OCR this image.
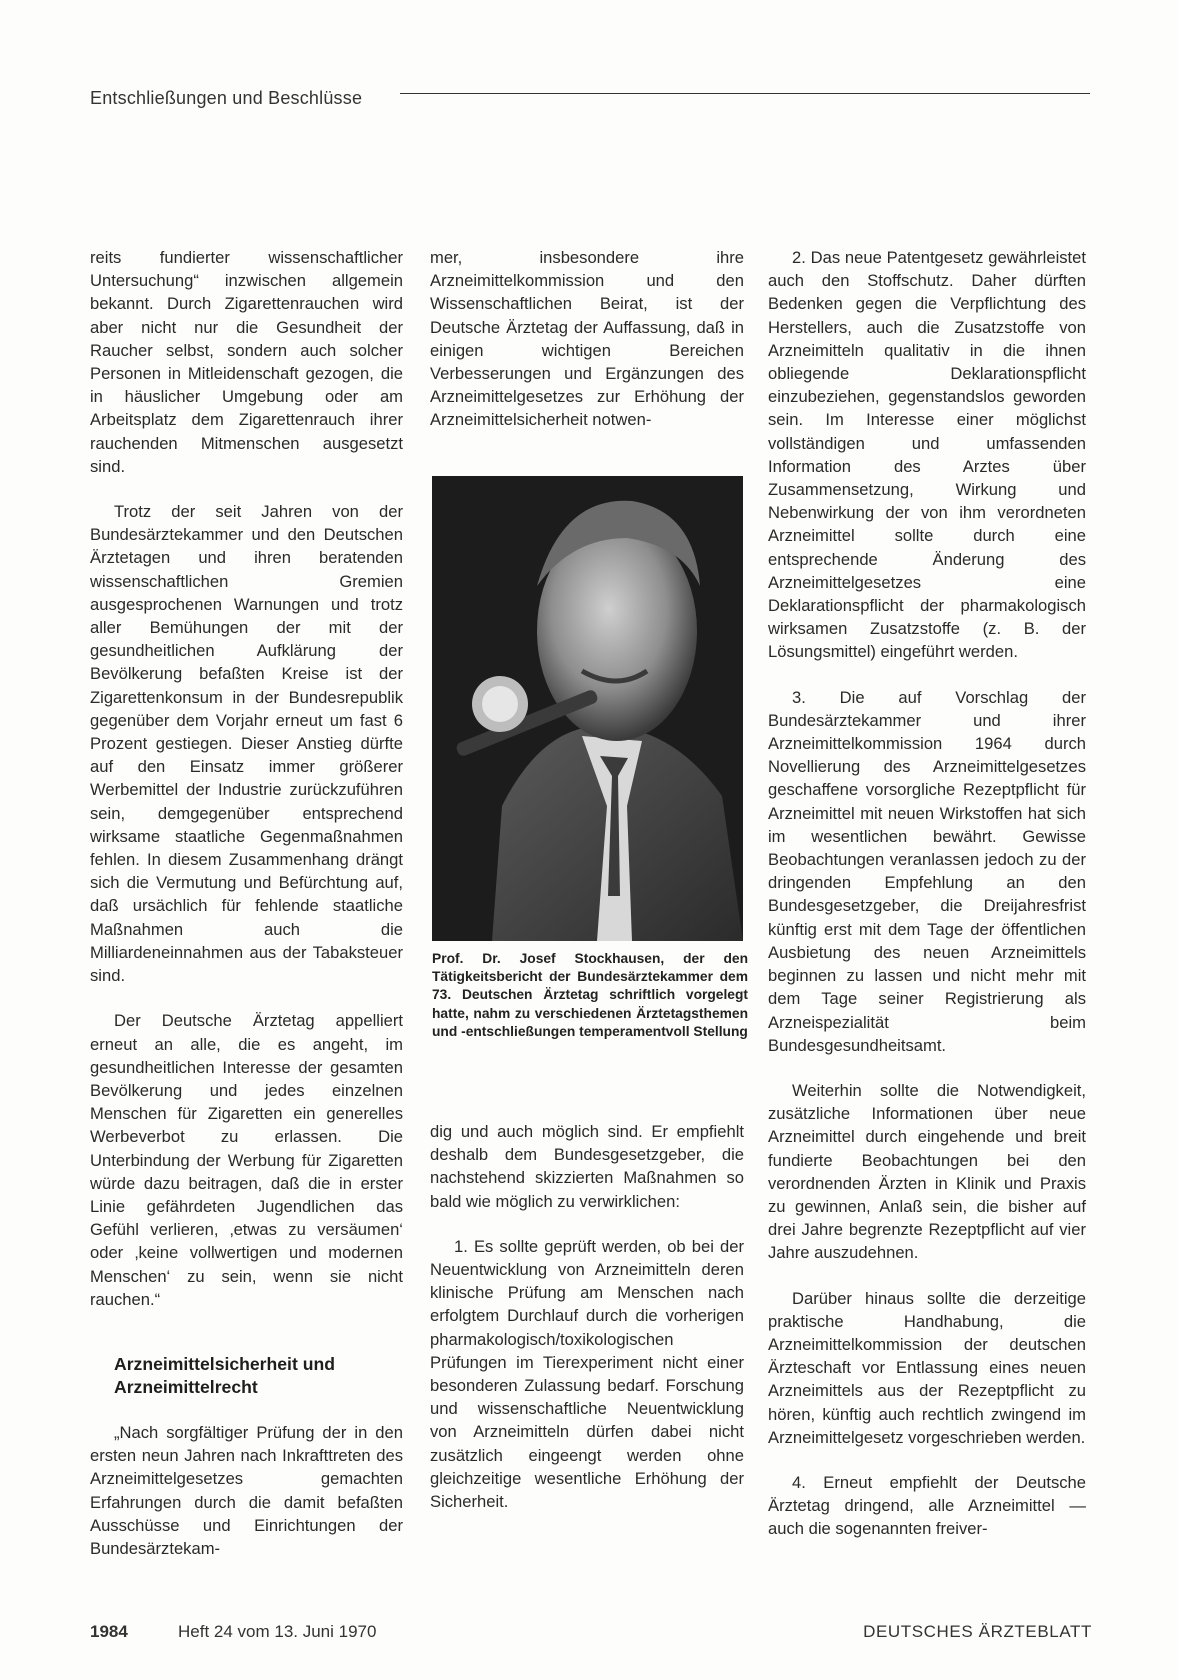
Entschließungen und Beschlüsse

reits fundierter wissenschaftlicher Untersuchung“ inzwischen allgemein bekannt. Durch Zigarettenrauchen wird aber nicht nur die Gesundheit der Raucher selbst, sondern auch solcher Personen in Mitleidenschaft gezogen, die in häuslicher Umgebung oder am Arbeitsplatz dem Zigarettenrauch ihrer rauchenden Mitmenschen ausgesetzt sind.

Trotz der seit Jahren von der Bundesärztekammer und den Deutschen Ärztetagen und ihren beratenden wissenschaftlichen Gremien ausgesprochenen Warnungen und trotz aller Bemühungen der mit der gesundheitlichen Aufklärung der Bevölkerung befaßten Kreise ist der Zigarettenkonsum in der Bundesrepublik gegenüber dem Vorjahr erneut um fast 6 Prozent gestiegen. Dieser Anstieg dürfte auf den Einsatz immer größerer Werbemittel der Industrie zurückzuführen sein, demgegenüber entsprechend wirksame staatliche Gegenmaßnahmen fehlen. In diesem Zusammenhang drängt sich die Vermutung und Befürchtung auf, daß ursächlich für fehlende staatliche Maßnahmen auch die Milliardeneinnahmen aus der Tabaksteuer sind.

Der Deutsche Ärztetag appelliert erneut an alle, die es angeht, im gesundheitlichen Interesse der gesamten Bevölkerung und jedes einzelnen Menschen für Zigaretten ein generelles Werbeverbot zu erlassen. Die Unterbindung der Werbung für Zigaretten würde dazu beitragen, daß die in erster Linie gefährdeten Jugendlichen das Gefühl verlieren, ‚etwas zu versäumen‘ oder ‚keine vollwertigen und modernen Menschen‘ zu sein, wenn sie nicht rauchen.“

Arzneimittelsicherheit und Arzneimittelrecht

„Nach sorgfältiger Prüfung der in den ersten neun Jahren nach Inkrafttreten des Arzneimittelgesetzes gemachten Erfahrungen durch die damit befaßten Ausschüsse und Einrichtungen der Bundesärztekam-

mer, insbesondere ihre Arzneimittelkommission und den Wissenschaftlichen Beirat, ist der Deutsche Ärztetag der Auffassung, daß in einigen wichtigen Bereichen Verbesserungen und Ergänzungen des Arzneimittelgesetzes zur Erhöhung der Arzneimittelsicherheit notwen-

Prof. Dr. Josef Stockhausen, der den Tätigkeitsbericht der Bundesärztekammer dem 73. Deutschen Ärztetag schriftlich vorgelegt hatte, nahm zu verschiedenen Ärztetagsthemen und -entschließungen temperamentvoll Stellung

dig und auch möglich sind. Er empfiehlt deshalb dem Bundesgesetzgeber, die nachstehend skizzierten Maßnahmen so bald wie möglich zu verwirklichen:

1. Es sollte geprüft werden, ob bei der Neuentwicklung von Arzneimitteln deren klinische Prüfung am Menschen nach erfolgtem Durchlauf durch die vorherigen pharmakologisch/toxikologischen Prüfungen im Tierexperiment nicht einer besonderen Zulassung bedarf. Forschung und wissenschaftliche Neuentwicklung von Arzneimitteln dürfen dabei nicht zusätzlich eingeengt werden ohne gleichzeitige wesentliche Erhöhung der Sicherheit.

2. Das neue Patentgesetz gewährleistet auch den Stoffschutz. Daher dürften Bedenken gegen die Verpflichtung des Herstellers, auch die Zusatzstoffe von Arzneimitteln qualitativ in die ihnen obliegende Deklarationspflicht einzubeziehen, gegenstandslos geworden sein. Im Interesse einer möglichst vollständigen und umfassenden Information des Arztes über Zusammensetzung, Wirkung und Nebenwirkung der von ihm verordneten Arzneimittel sollte durch eine entsprechende Änderung des Arzneimittelgesetzes eine Deklarationspflicht der pharmakologisch wirksamen Zusatzstoffe (z. B. der Lösungsmittel) eingeführt werden.

3. Die auf Vorschlag der Bundesärztekammer und ihrer Arzneimittelkommission 1964 durch Novellierung des Arzneimittelgesetzes geschaffene vorsorgliche Rezeptpflicht für Arzneimittel mit neuen Wirkstoffen hat sich im wesentlichen bewährt. Gewisse Beobachtungen veranlassen jedoch zu der dringenden Empfehlung an den Bundesgesetzgeber, die Dreijahresfrist künftig erst mit dem Tage der öffentlichen Ausbietung des neuen Arzneimittels beginnen zu lassen und nicht mehr mit dem Tage seiner Registrierung als Arzneispezialität beim Bundesgesundheitsamt.

Weiterhin sollte die Notwendigkeit, zusätzliche Informationen über neue Arzneimittel durch eingehende und breit fundierte Beobachtungen bei den verordnenden Ärzten in Klinik und Praxis zu gewinnen, Anlaß sein, die bisher auf drei Jahre begrenzte Rezeptpflicht auf vier Jahre auszudehnen.

Darüber hinaus sollte die derzeitige praktische Handhabung, die Arzneimittelkommission der deutschen Ärzteschaft vor Entlassung eines neuen Arzneimittels aus der Rezeptpflicht zu hören, künftig auch rechtlich zwingend im Arzneimittelgesetz vorgeschrieben werden.

4. Erneut empfiehlt der Deutsche Ärztetag dringend, alle Arzneimittel — auch die sogenannten freiver-

1984	Heft 24 vom 13. Juni 1970	DEUTSCHES ÄRZTEBLATT
